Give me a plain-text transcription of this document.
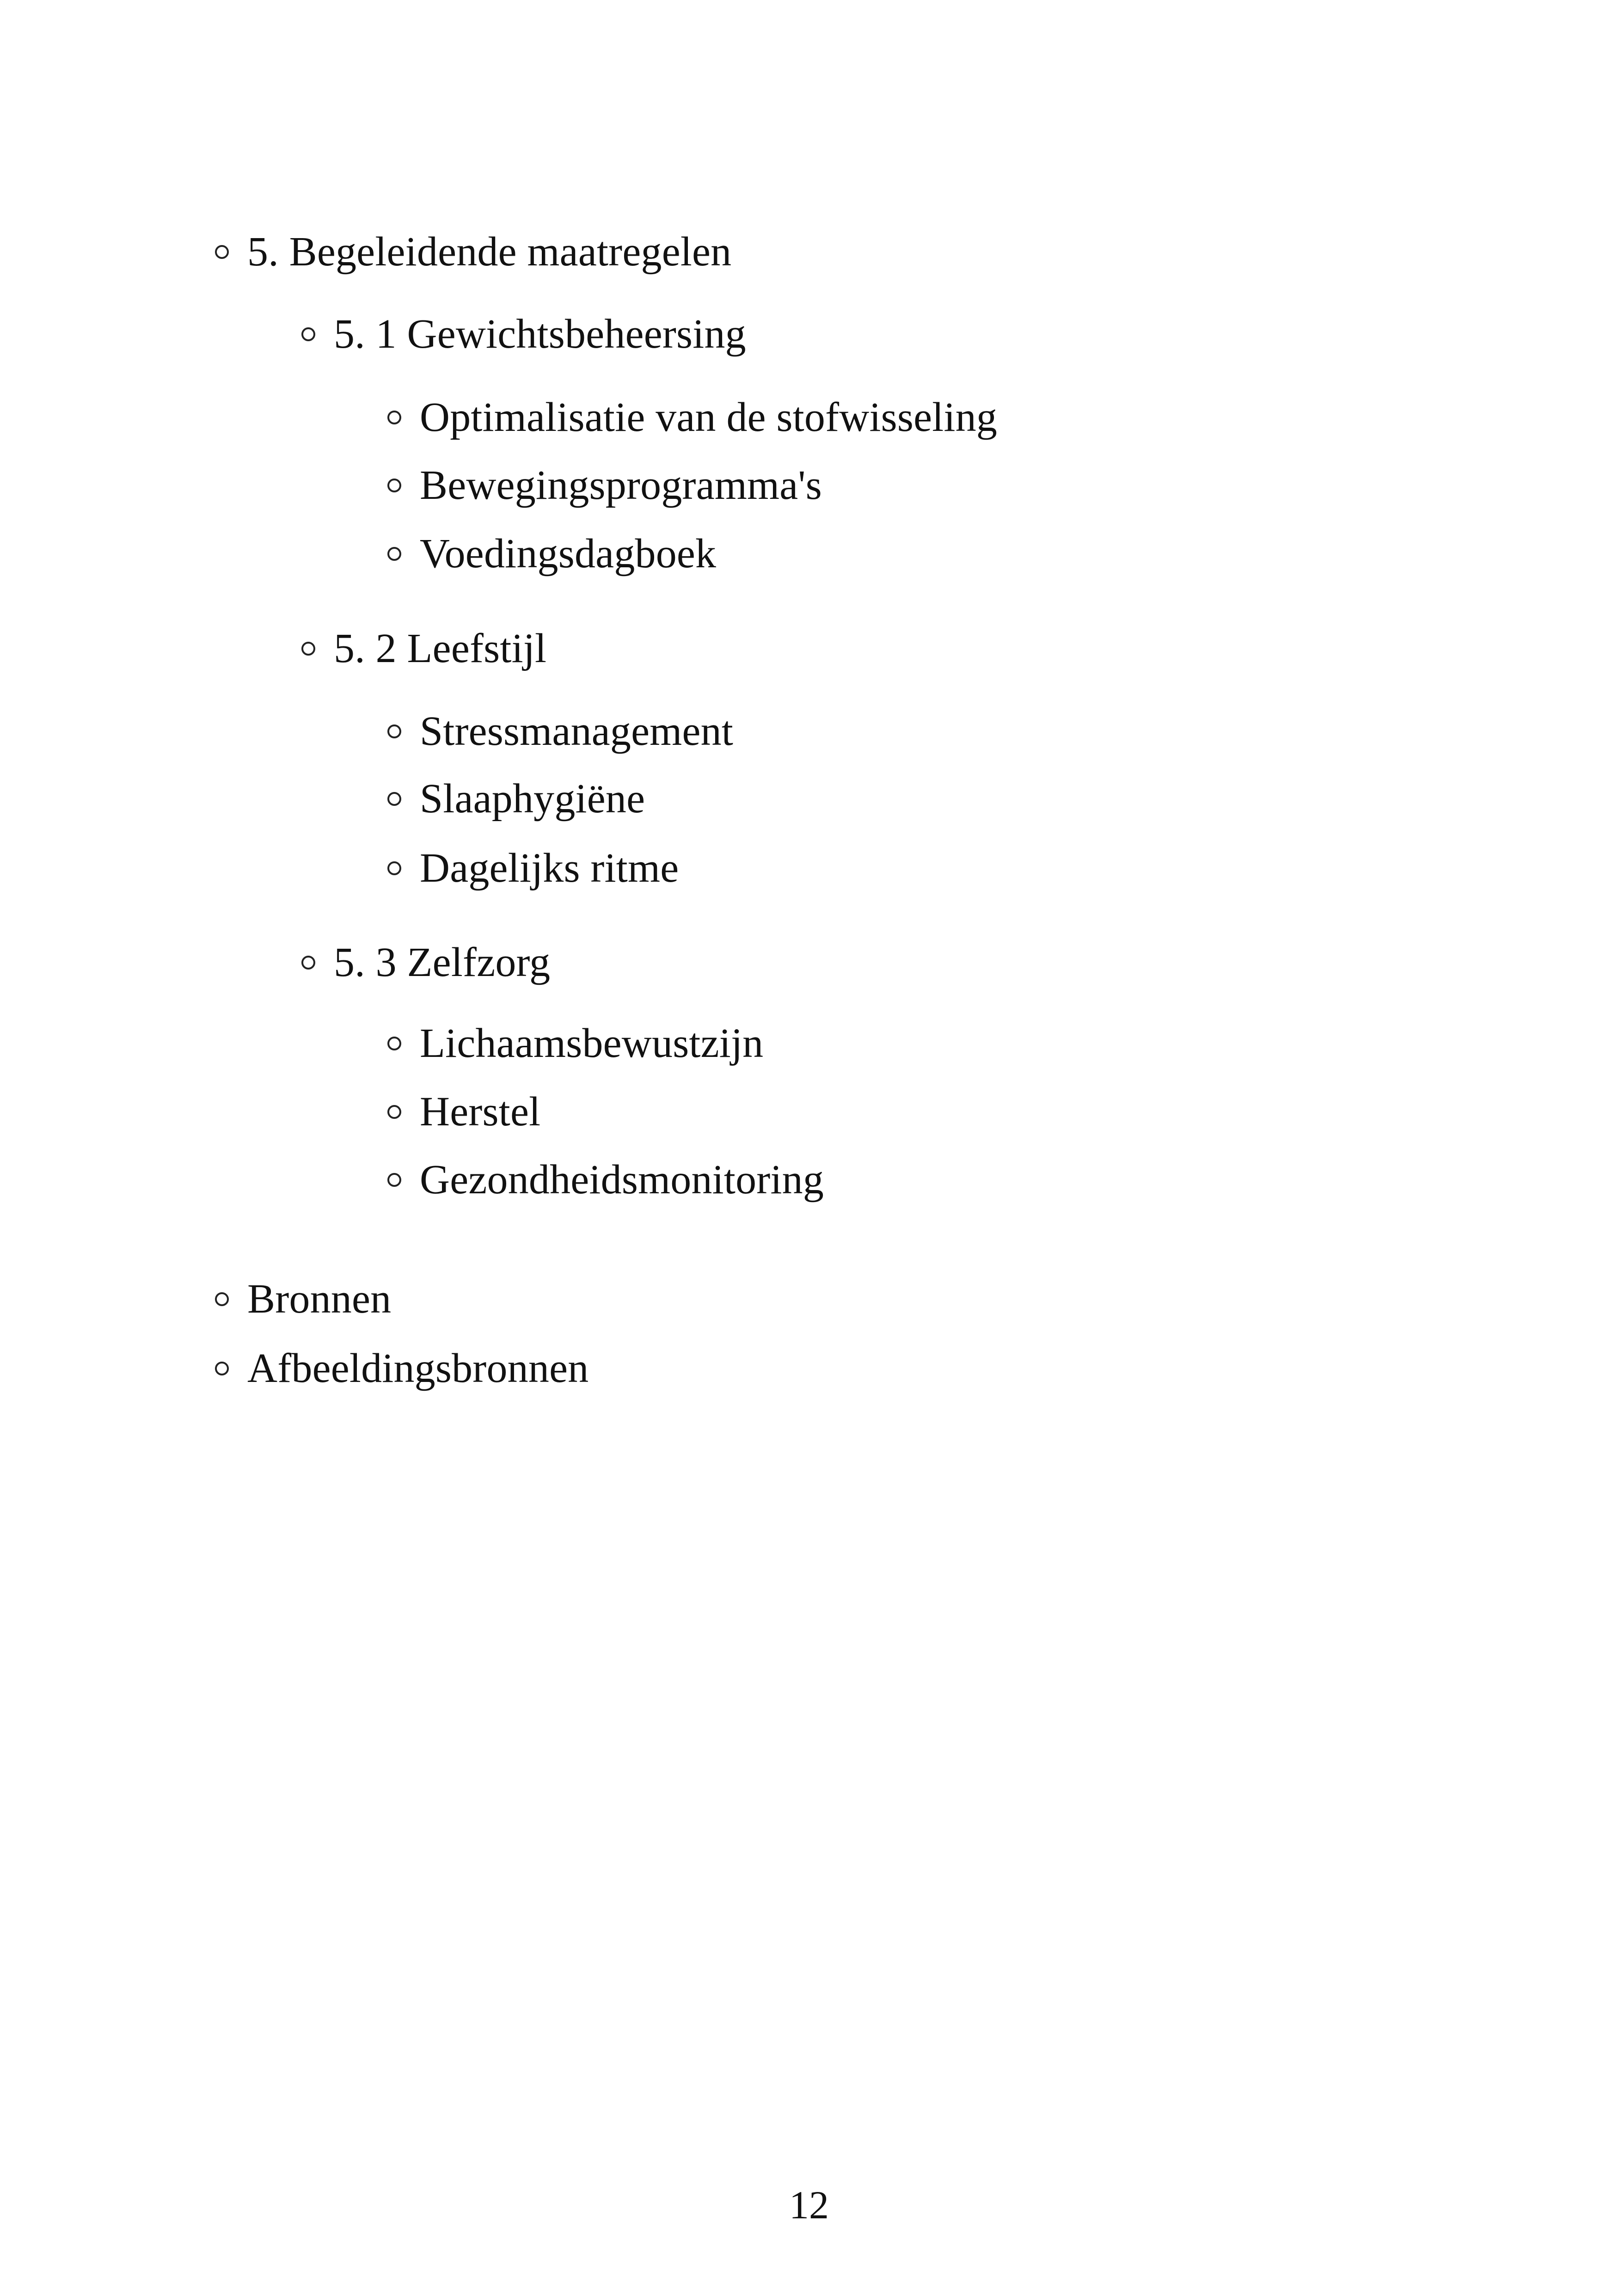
5. Begeleidende maatregelen
5. 1 Gewichtsbeheersing
Optimalisatie van de stofwisseling
Bewegingsprogramma's
Voedingsdagboek
5. 2 Leefstijl
Stressmanagement
Slaaphygiëne
Dagelijks ritme
5. 3 Zelfzorg
Lichaamsbewustzijn
Herstel
Gezondheidsmonitoring
Bronnen
Afbeeldingsbronnen
12
